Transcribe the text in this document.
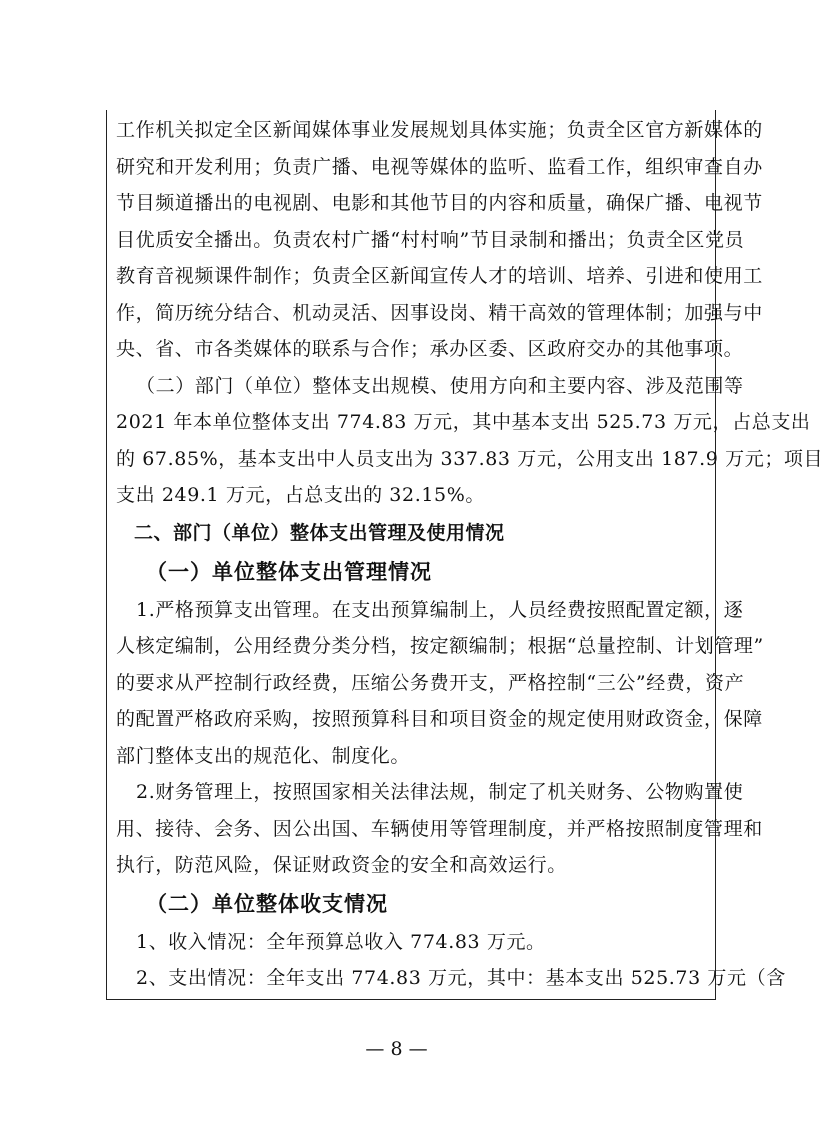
工作机关拟定全区新闻媒体事业发展规划具体实施；负责全区官方新媒体的
研究和开发利用；负责广播、电视等媒体的监听、监看工作，组织审查自办
节目频道播出的电视剧、电影和其他节目的内容和质量，确保广播、电视节
目优质安全播出。负责农村广播“村村响”节目录制和播出；负责全区党员
教育音视频课件制作；负责全区新闻宣传人才的培训、培养、引进和使用工
作，简历统分结合、机动灵活、因事设岗、精干高效的管理体制；加强与中
央、省、市各类媒体的联系与合作；承办区委、区政府交办的其他事项。
（二）部门（单位）整体支出规模、使用方向和主要内容、涉及范围等
2021 年本单位整体支出 774.83 万元，其中基本支出 525.73 万元，占总支出
的 67.85%，基本支出中人员支出为 337.83 万元，公用支出 187.9 万元；项目
支出 249.1 万元，占总支出的 32.15%。
二、部门（单位）整体支出管理及使用情况
（一）单位整体支出管理情况
1.严格预算支出管理。在支出预算编制上，人员经费按照配置定额，逐
人核定编制，公用经费分类分档，按定额编制；根据“总量控制、计划管理”
的要求从严控制行政经费，压缩公务费开支，严格控制“三公”经费，资产
的配置严格政府采购，按照预算科目和项目资金的规定使用财政资金，保障
部门整体支出的规范化、制度化。
2.财务管理上，按照国家相关法律法规，制定了机关财务、公物购置使
用、接待、会务、因公出国、车辆使用等管理制度，并严格按照制度管理和
执行，防范风险，保证财政资金的安全和高效运行。
（二）单位整体收支情况
1、收入情况：全年预算总收入 774.83 万元。
2、支出情况：全年支出 774.83 万元，其中：基本支出 525.73 万元（含
— 8 —
